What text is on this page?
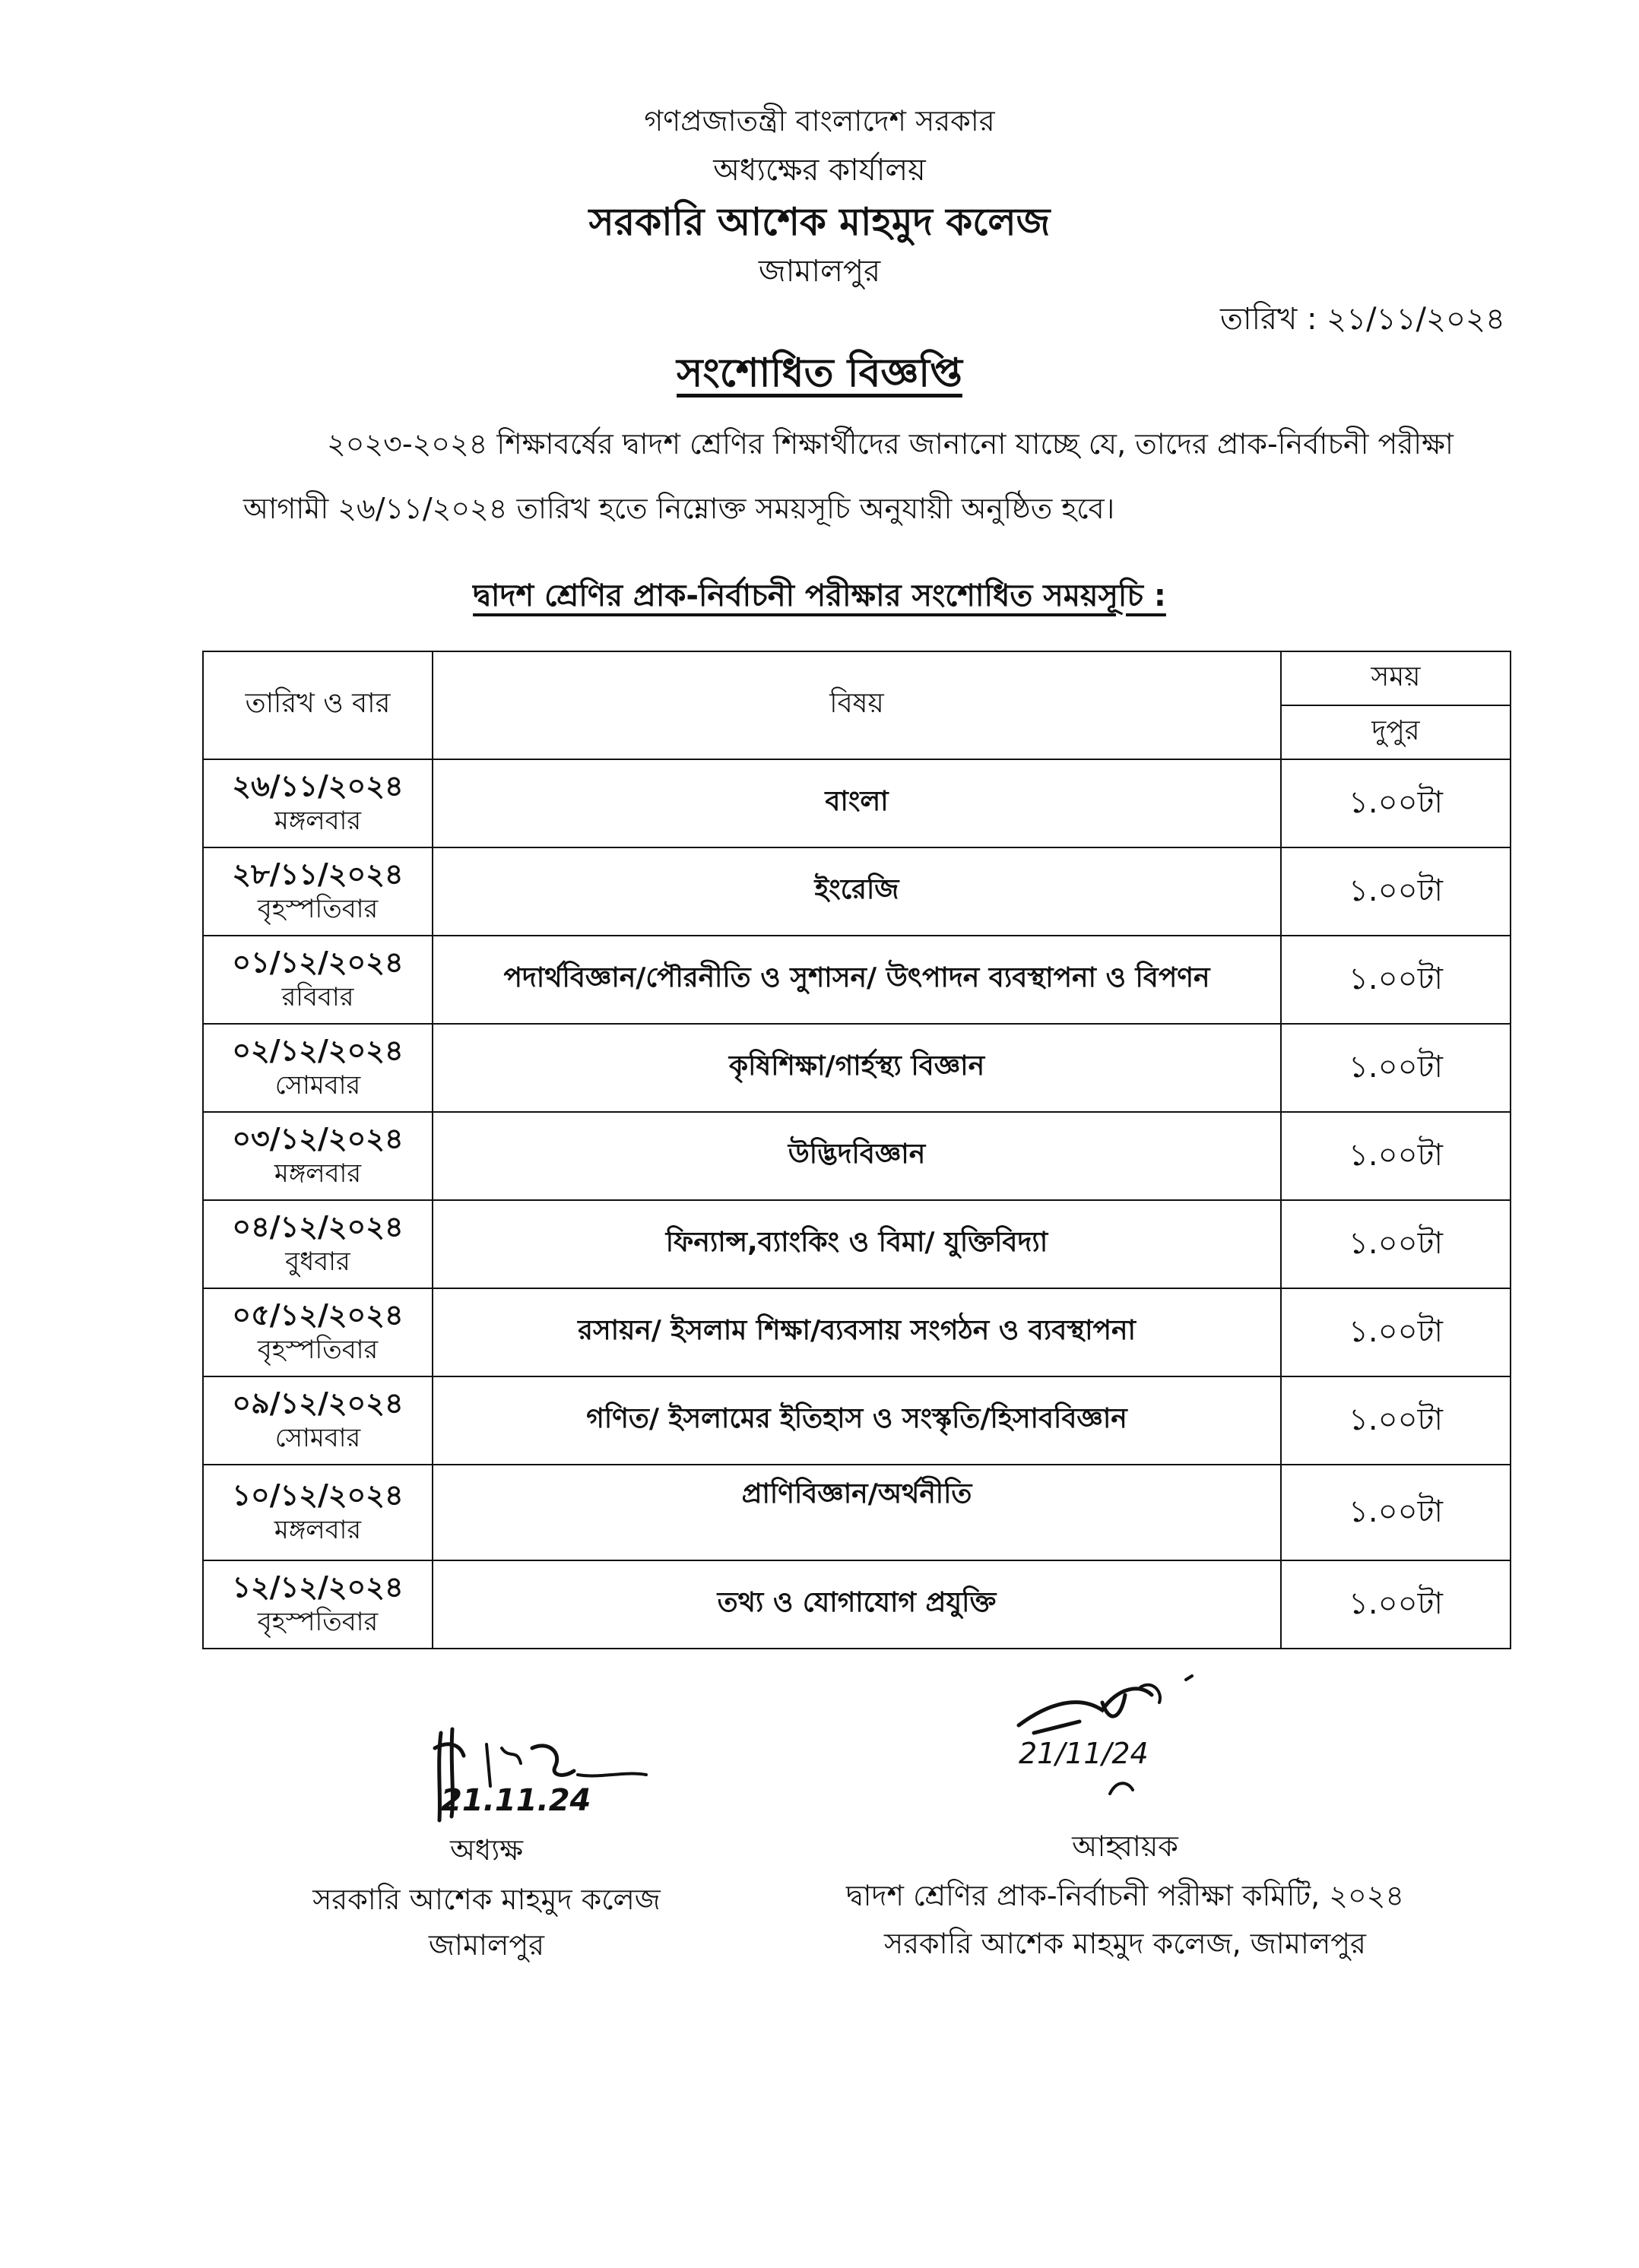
গণপ্রজাতন্ত্রী বাংলাদেশ সরকার
অধ্যক্ষের কার্যালয়
সরকারি আশেক মাহমুদ কলেজ
জামালপুর
তারিখ : ২১/১১/২০২৪
সংশোধিত বিজ্ঞপ্তি
২০২৩-২০২৪ শিক্ষাবর্ষের দ্বাদশ শ্রেণির শিক্ষার্থীদের জানানো যাচ্ছে যে, তাদের প্রাক-নির্বাচনী পরীক্ষা
আগামী ২৬/১১/২০২৪ তারিখ হতে নিম্নোক্ত সময়সূচি অনুযায়ী অনুষ্ঠিত হবে।
দ্বাদশ শ্রেণির প্রাক-নির্বাচনী পরীক্ষার সংশোধিত সময়সূচি :
তারিখ ও বার	বিষয়	সময়
		দুপুর

২৬/১১/২০২৪
মঙ্গলবার	বাংলা	১.০০টা

২৮/১১/২০২৪
বৃহস্পতিবার	ইংরেজি	১.০০টা

০১/১২/২০২৪
রবিবার	পদার্থবিজ্ঞান/পৌরনীতি ও সুশাসন/ উৎপাদন ব্যবস্থাপনা ও বিপণন	১.০০টা

০২/১২/২০২৪
সোমবার	কৃষিশিক্ষা/গার্হস্থ্য বিজ্ঞান	১.০০টা

০৩/১২/২০২৪
মঙ্গলবার	উদ্ভিদবিজ্ঞান	১.০০টা

০৪/১২/২০২৪
বুধবার	ফিন্যান্স,ব্যাংকিং ও বিমা/ যুক্তিবিদ্যা	১.০০টা

০৫/১২/২০২৪
বৃহস্পতিবার	রসায়ন/ ইসলাম শিক্ষা/ব্যবসায় সংগঠন ও ব্যবস্থাপনা	১.০০টা

০৯/১২/২০২৪
সোমবার	গণিত/ ইসলামের ইতিহাস ও সংস্কৃতি/হিসাববিজ্ঞান	১.০০টা

১০/১২/২০২৪
মঙ্গলবার	প্রাণিবিজ্ঞান/অর্থনীতি	১.০০টা

১২/১২/২০২৪
বৃহস্পতিবার	তথ্য ও যোগাযোগ প্রযুক্তি	১.০০টা
21.11.24
21/11/24
অধ্যক্ষ
সরকারি আশেক মাহমুদ কলেজ
জামালপুর
আহ্বায়ক
দ্বাদশ শ্রেণির প্রাক-নির্বাচনী পরীক্ষা কমিটি, ২০২৪
সরকারি আশেক মাহমুদ কলেজ, জামালপুর
